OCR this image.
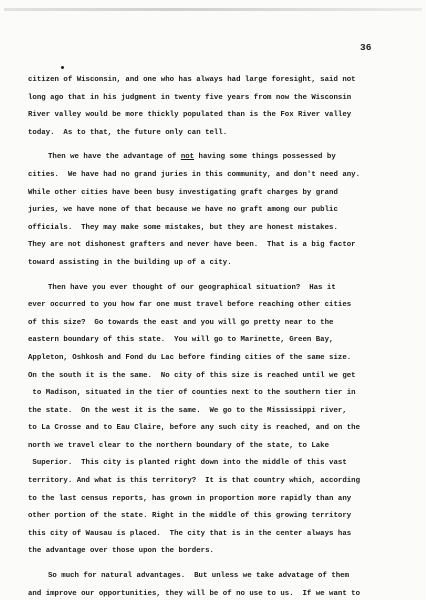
36
citizen of Wisconsin, and one who has always had large foresight, said not
long ago that in his judgment in twenty five years from now the Wisconsin
River valley would be more thickly populated than is the Fox River valley
today.  As to that, the future only can tell.
Then we have the advantage of not having some things possessed by
cities.  We have had no grand juries in this community, and don't need any.
While other cities have been busy investigating graft charges by grand
juries, we have none of that because we have no graft among our public
officials.  They may make some mistakes, but they are honest mistakes.
They are not dishonest grafters and never have been.  That is a big factor
toward assisting in the building up of a city.
Then have you ever thought of our geographical situation?  Has it
ever occurred to you how far one must travel before reaching other cities
of this size?  Go towards the east and you will go pretty near to the
eastern boundary of this state.  You will go to Marinette, Green Bay,
Appleton, Oshkosh and Fond du Lac before finding cities of the same size.
On the south it is the same.  No city of this size is reached until we get
to Madison, situated in the tier of counties next to the southern tier in
the state.  On the west it is the same.  We go to the Mississippi river,
to La Crosse and to Eau Claire, before any such city is reached, and on the
north we travel clear to the northern boundary of the state, to Lake
Superior.  This city is planted right down into the middle of this vast
territory. And what is this territory?  It is that country which, according
to the last census reports, has grown in proportion more rapidly than any
other portion of the state. Right in the middle of this growing territory
this city of Wausau is placed.  The city that is in the center always has
the advantage over those upon the borders.
So much for natural advantages.  But unless we take advatage of them
and improve our opportunities, they will be of no use to us.  If we want to
